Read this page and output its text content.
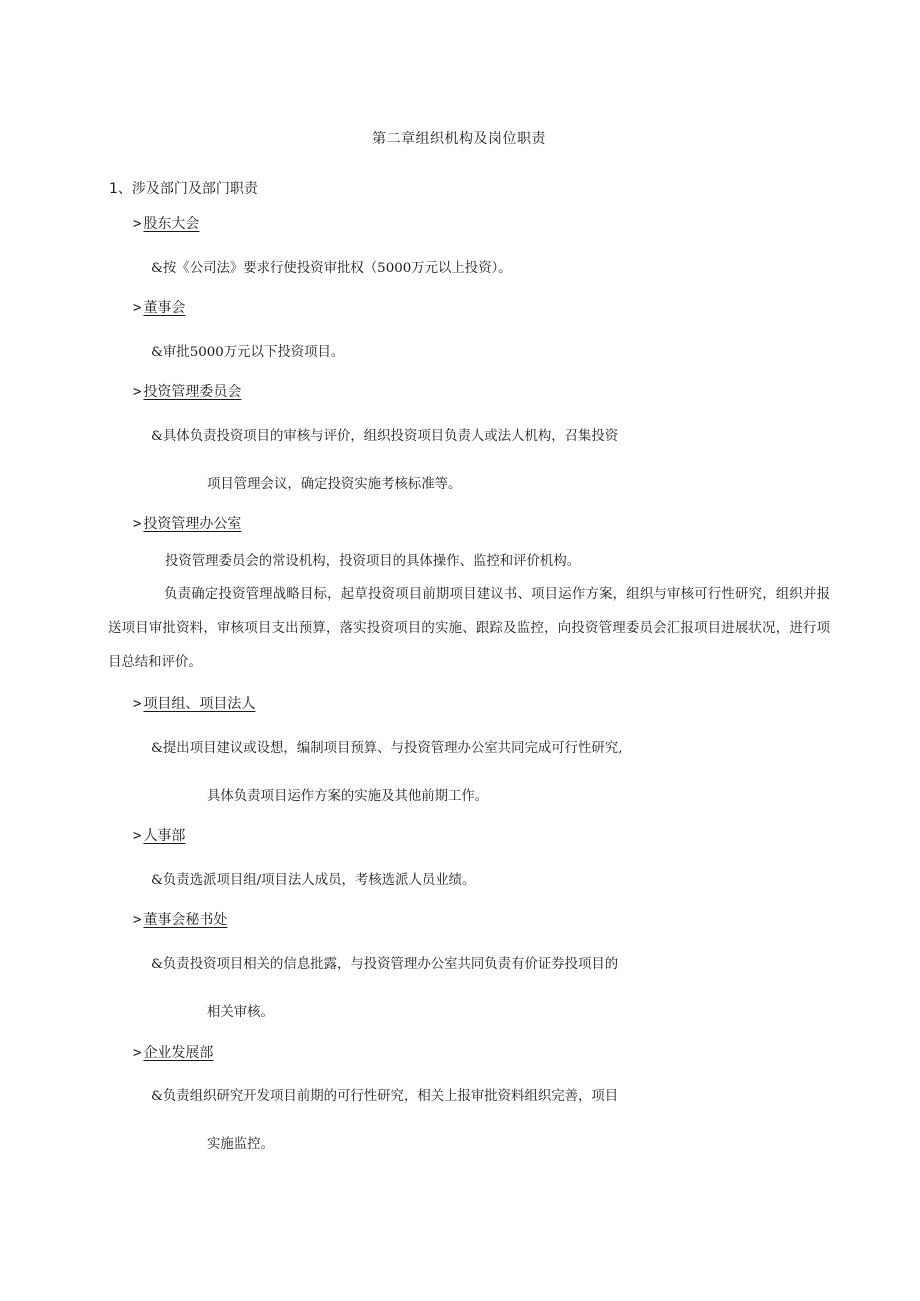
第二章组织机构及岗位职责
1、涉及部门及部门职责
> 股东大会
&按《公司法》要求行使投资审批权（5000万元以上投资）。
> 董事会
&审批5000万元以下投资项目。
> 投资管理委员会
&具体负责投资项目的审核与评价，组织投资项目负责人或法人机构，召集投资
项目管理会议，确定投资实施考核标准等。
> 投资管理办公室
投资管理委员会的常设机构，投资项目的具体操作、监控和评价机构。
负责确定投资管理战略目标，起草投资项目前期项目建议书、项目运作方案，组织与审核可行性研究，组织并报送项目审批资料，审核项目支出预算，落实投资项目的实施、跟踪及监控，向投资管理委员会汇报项目进展状况，进行项目总结和评价。
> 项目组、项目法人
&提出项目建议或设想，编制项目预算、与投资管理办公室共同完成可行性研究,
具体负责项目运作方案的实施及其他前期工作。
> 人事部
&负责选派项目组/项目法人成员，考核选派人员业绩。
> 董事会秘书处
&负责投资项目相关的信息批露，与投资管理办公室共同负责有价证券投项目的
相关审核。
> 企业发展部
&负责组织研究开发项目前期的可行性研究，相关上报审批资料组织完善，项目
实施监控。
